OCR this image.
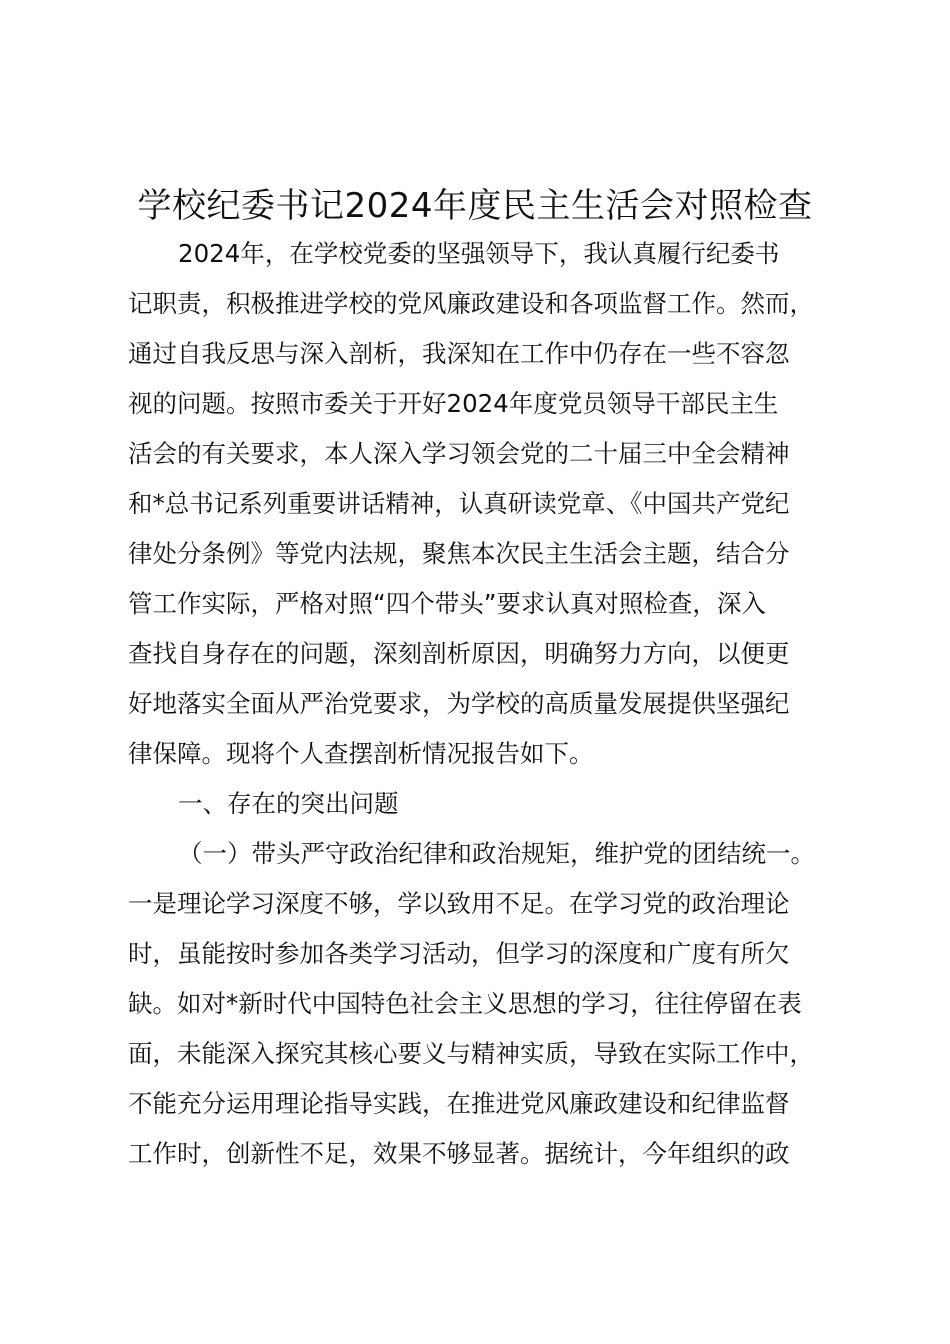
学校纪委书记2024年度民主生活会对照检查
2024年，在学校党委的坚强领导下，我认真履行纪委书
记职责，积极推进学校的党风廉政建设和各项监督工作。然而，
通过自我反思与深入剖析，我深知在工作中仍存在一些不容忽
视的问题。按照市委关于开好2024年度党员领导干部民主生
活会的有关要求，本人深入学习领会党的二十届三中全会精神
和*总书记系列重要讲话精神，认真研读党章、《中国共产党纪
律处分条例》等党内法规，聚焦本次民主生活会主题，结合分
管工作实际，严格对照“四个带头”要求认真对照检查，深入
查找自身存在的问题，深刻剖析原因，明确努力方向，以便更
好地落实全面从严治党要求，为学校的高质量发展提供坚强纪
律保障。现将个人查摆剖析情况报告如下。
一、存在的突出问题
（一）带头严守政治纪律和政治规矩，维护党的团结统一。
一是理论学习深度不够，学以致用不足。在学习党的政治理论
时，虽能按时参加各类学习活动，但学习的深度和广度有所欠
缺。如对*新时代中国特色社会主义思想的学习，往往停留在表
面，未能深入探究其核心要义与精神实质，导致在实际工作中，
不能充分运用理论指导实践，在推进党风廉政建设和纪律监督
工作时，创新性不足，效果不够显著。据统计，今年组织的政
